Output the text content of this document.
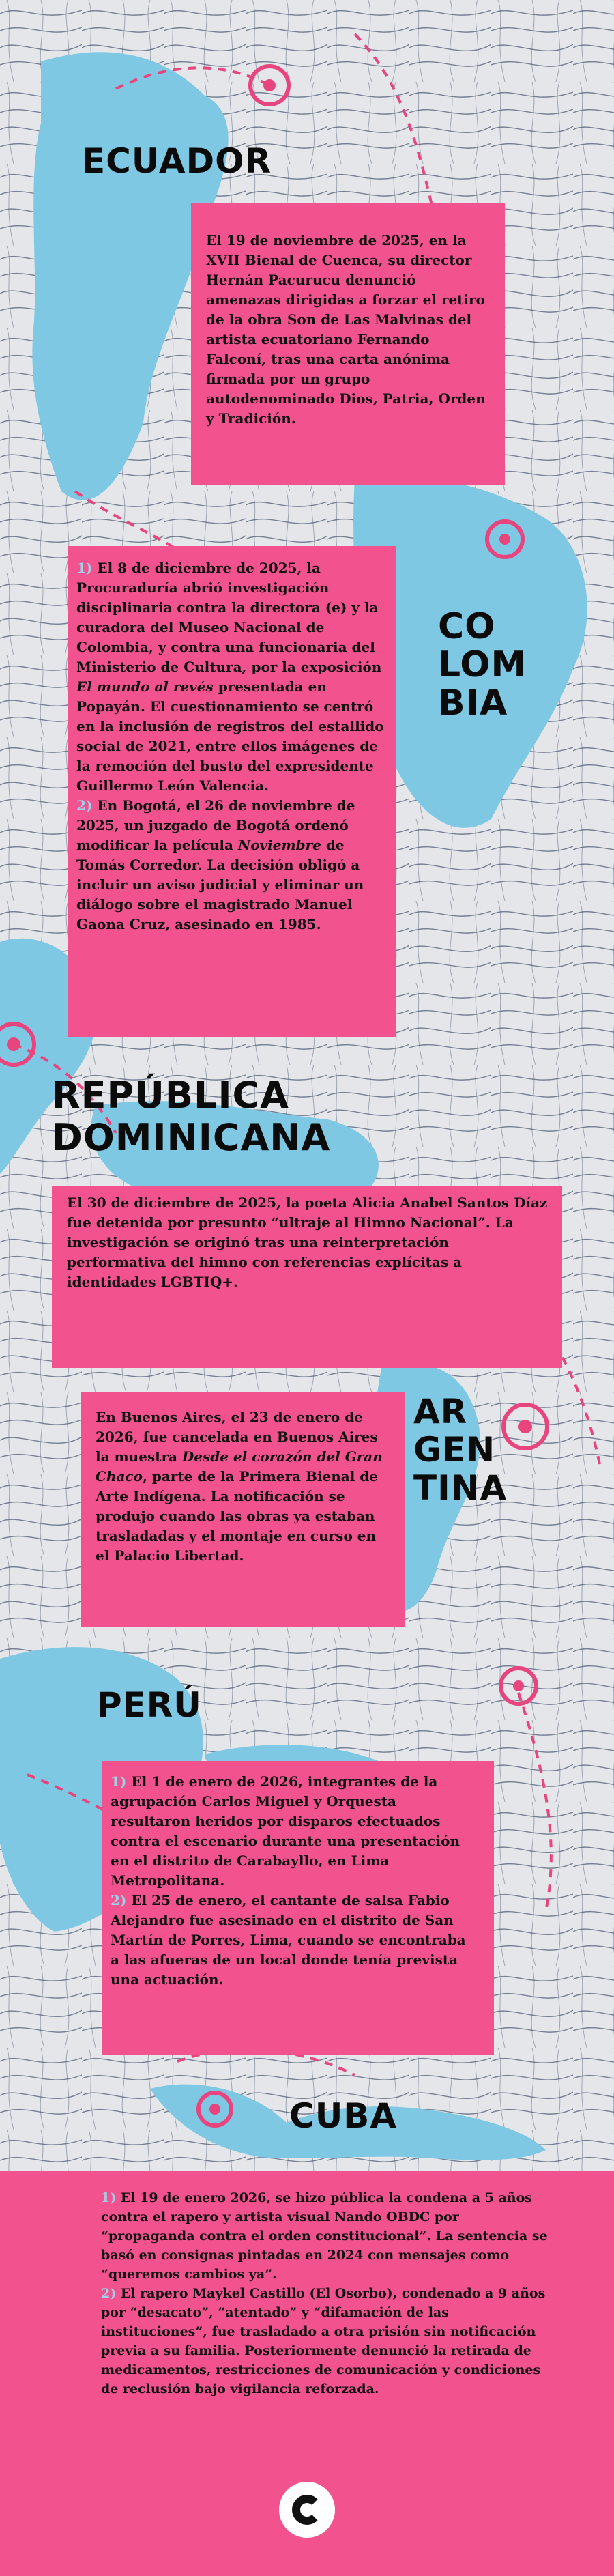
ECUADOR

El 19 de noviembre de 2025, en la XVII Bienal de Cuenca, su director Hernán Pacurucu denunció amenazas dirigidas a forzar el retiro de la obra Son de Las Malvinas del artista ecuatoriano Fernando Falconí, tras una carta anónima firmada por un grupo autodenominado Dios, Patria, Orden y Tradición.

CO
LOM
BIA

1) El 8 de diciembre de 2025, la Procuraduría abrió investigación disciplinaria contra la directora (e) y la curadora del Museo Nacional de Colombia, y contra una funcionaria del Ministerio de Cultura, por la exposición El mundo al revés presentada en Popayán. El cuestionamiento se centró en la inclusión de registros del estallido social de 2021, entre ellos imágenes de la remoción del busto del expresidente Guillermo León Valencia.

2) En Bogotá, el 26 de noviembre de 2025, un juzgado de Bogotá ordenó modificar la película Noviembre de Tomás Corredor. La decisión obligó a incluir un aviso judicial y eliminar un diálogo sobre el magistrado Manuel Gaona Cruz, asesinado en 1985.

REPÚBLICA
DOMINICANA

El 30 de diciembre de 2025, la poeta Alicia Anabel Santos Díaz fue detenida por presunto “ultraje al Himno Nacional”. La investigación se originó tras una reinterpretación performativa del himno con referencias explícitas a identidades LGBTIQ+.

AR
GEN
TINA

En Buenos Aires, el 23 de enero de 2026, fue cancelada en Buenos Aires la muestra Desde el corazón del Gran Chaco, parte de la Primera Bienal de Arte Indígena. La notificación se produjo cuando las obras ya estaban trasladadas y el montaje en curso en el Palacio Libertad.

PERÚ

1) El 1 de enero de 2026, integrantes de la agrupación Carlos Miguel y Orquesta resultaron heridos por disparos efectuados contra el escenario durante una presentación en el distrito de Carabayllo, en Lima Metropolitana.

2) El 25 de enero, el cantante de salsa Fabio Alejandro fue asesinado en el distrito de San Martín de Porres, Lima, cuando se encontraba a las afueras de un local donde tenía prevista una actuación.

CUBA

1) El 19 de enero 2026, se hizo pública la condena a 5 años contra el rapero y artista visual Nando OBDC por “propaganda contra el orden constitucional”. La sentencia se basó en consignas pintadas en 2024 con mensajes como “queremos cambios ya”.

2) El rapero Maykel Castillo (El Osorbo), condenado a 9 años por “desacato”, “atentado” y “difamación de las instituciones”, fue trasladado a otra prisión sin notificación previa a su familia. Posteriormente denunció la retirada de medicamentos, restricciones de comunicación y condiciones de reclusión bajo vigilancia reforzada.
